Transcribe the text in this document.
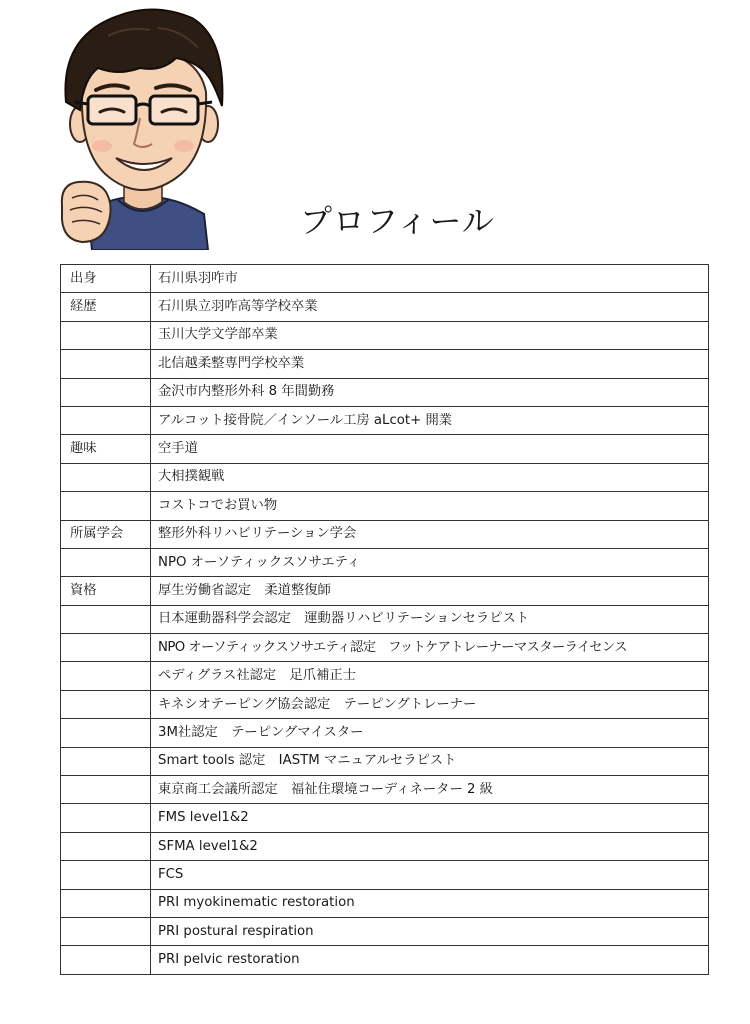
プロフィール
出身	石川県羽咋市
経歴	石川県立羽咋高等学校卒業
	玉川大学文学部卒業
	北信越柔整専門学校卒業
	金沢市内整形外科 8 年間勤務
	アルコット接骨院／インソール工房 aLcot+ 開業
趣味	空手道
	大相撲観戦
	コストコでお買い物
所属学会	整形外科リハビリテーション学会
	NPO オーソティックスソサエティ
資格	厚生労働省認定　柔道整復師
	日本運動器科学会認定　運動器リハビリテーションセラピスト
	NPO オーソティックスソサエティ認定　フットケアトレーナーマスターライセンス
	ペディグラス社認定　足爪補正士
	キネシオテーピング協会認定　テーピングトレーナー
	3M社認定　テーピングマイスター
	Smart tools 認定　IASTM マニュアルセラピスト
	東京商工会議所認定　福祉住環境コーディネーター 2 級
	FMS level1&2
	SFMA level1&2
	FCS
	PRI myokinematic restoration
	PRI postural respiration
	PRI pelvic restoration
